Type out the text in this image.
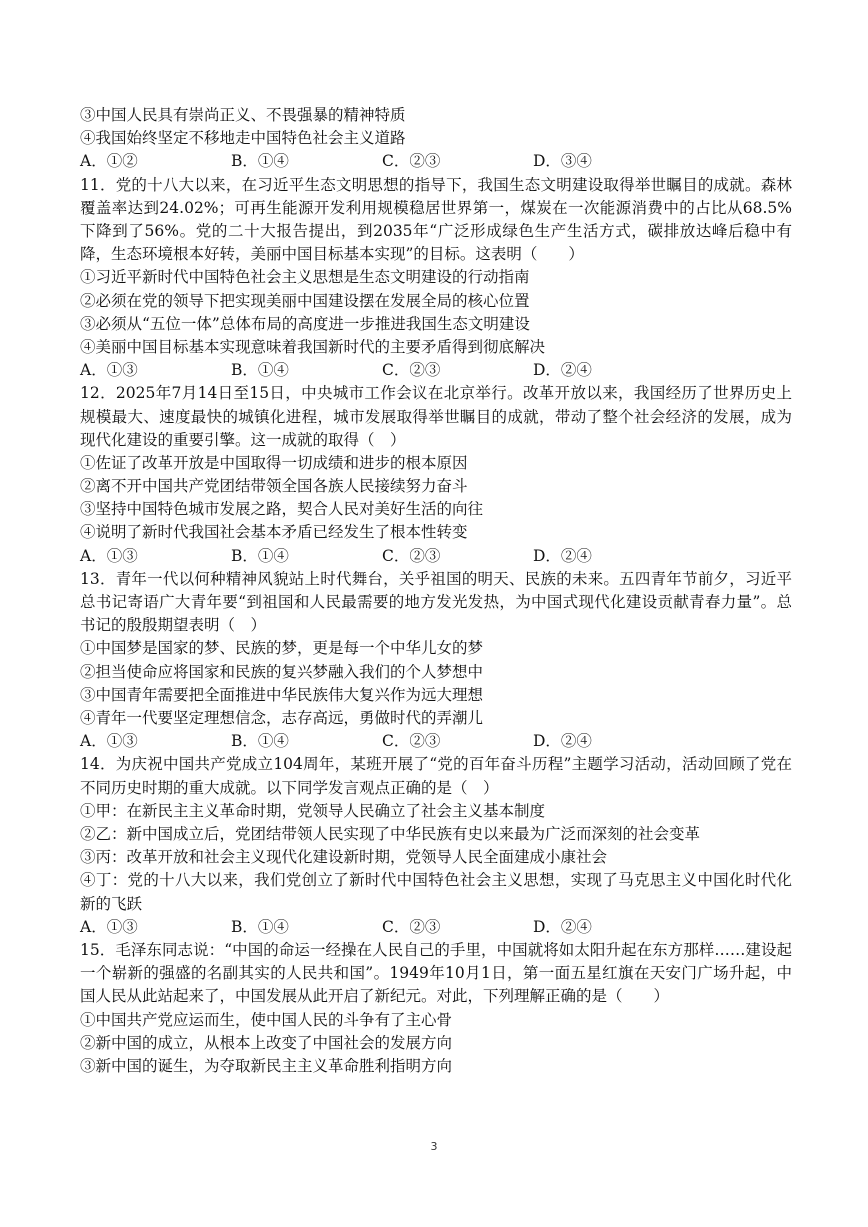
③中国人民具有崇尚正义、不畏强暴的精神特质
④我国始终坚定不移地走中国特色社会主义道路
A．①②	B．①④	C．②③	D．③④
11．党的十八大以来，在习近平生态文明思想的指导下，我国生态文明建设取得举世瞩目的成就。森林覆盖率达到24.02%；可再生能源开发利用规模稳居世界第一，煤炭在一次能源消费中的占比从68.5%下降到了56%。党的二十大报告提出，到2035年“广泛形成绿色生产生活方式，碳排放达峰后稳中有降，生态环境根本好转，美丽中国目标基本实现”的目标。这表明（　　）
①习近平新时代中国特色社会主义思想是生态文明建设的行动指南
②必须在党的领导下把实现美丽中国建设摆在发展全局的核心位置
③必须从“五位一体”总体布局的高度进一步推进我国生态文明建设
④美丽中国目标基本实现意味着我国新时代的主要矛盾得到彻底解决
A．①③	B．①④	C．②③	D．②④
12．2025年7月14日至15日，中央城市工作会议在北京举行。改革开放以来，我国经历了世界历史上规模最大、速度最快的城镇化进程，城市发展取得举世瞩目的成就，带动了整个社会经济的发展，成为现代化建设的重要引擎。这一成就的取得（　）
①佐证了改革开放是中国取得一切成绩和进步的根本原因
②离不开中国共产党团结带领全国各族人民接续努力奋斗
③坚持中国特色城市发展之路，契合人民对美好生活的向往
④说明了新时代我国社会基本矛盾已经发生了根本性转变
A．①③	B．①④	C．②③	D．②④
13．青年一代以何种精神风貌站上时代舞台，关乎祖国的明天、民族的未来。五四青年节前夕，习近平总书记寄语广大青年要“到祖国和人民最需要的地方发光发热，为中国式现代化建设贡献青春力量”。总书记的殷殷期望表明（　）
①中国梦是国家的梦、民族的梦，更是每一个中华儿女的梦
②担当使命应将国家和民族的复兴梦融入我们的个人梦想中
③中国青年需要把全面推进中华民族伟大复兴作为远大理想
④青年一代要坚定理想信念，志存高远，勇做时代的弄潮儿
A．①③	B．①④	C．②③	D．②④
14．为庆祝中国共产党成立104周年，某班开展了“党的百年奋斗历程”主题学习活动，活动回顾了党在不同历史时期的重大成就。以下同学发言观点正确的是（　）
①甲：在新民主主义革命时期，党领导人民确立了社会主义基本制度
②乙：新中国成立后，党团结带领人民实现了中华民族有史以来最为广泛而深刻的社会变革
③丙：改革开放和社会主义现代化建设新时期，党领导人民全面建成小康社会
④丁：党的十八大以来，我们党创立了新时代中国特色社会主义思想，实现了马克思主义中国化时代化新的飞跃
A．①③	B．①④	C．②③	D．②④
15．毛泽东同志说：“中国的命运一经操在人民自己的手里，中国就将如太阳升起在东方那样……建设起一个崭新的强盛的名副其实的人民共和国”。1949年10月1日，第一面五星红旗在天安门广场升起，中国人民从此站起来了，中国发展从此开启了新纪元。对此，下列理解正确的是（　　）
①中国共产党应运而生，使中国人民的斗争有了主心骨
②新中国的成立，从根本上改变了中国社会的发展方向
③新中国的诞生，为夺取新民主主义革命胜利指明方向
3
